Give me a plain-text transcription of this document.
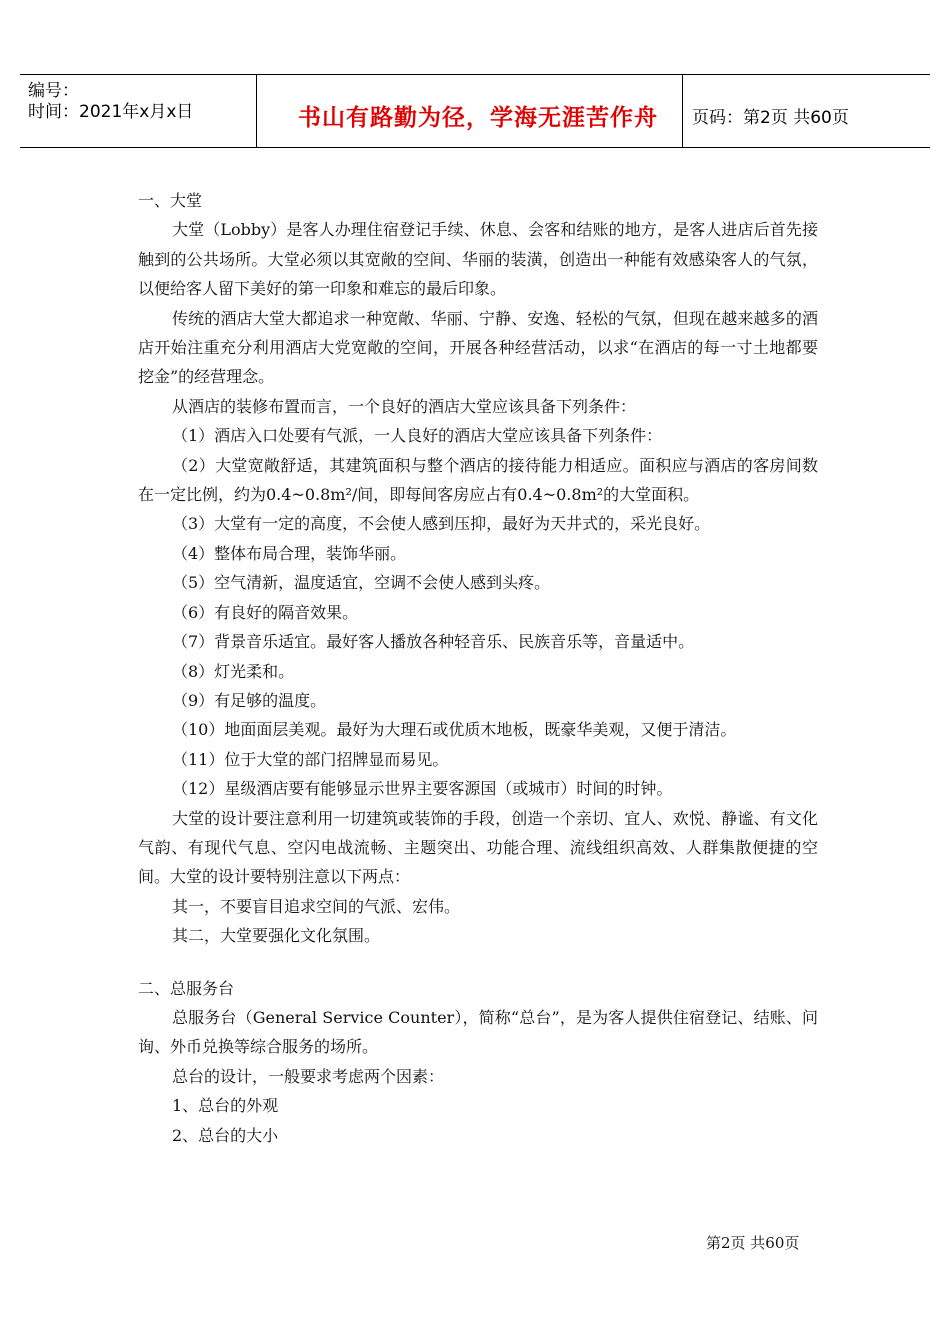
编号：
时间：2021年x月x日	书山有路勤为径，学海无涯苦作舟	页码：第2页 共60页

一、大堂

大堂（Lobby）是客人办理住宿登记手续、休息、会客和结账的地方，是客人进店后首先接触到的公共场所。大堂必须以其宽敞的空间、华丽的装潢，创造出一种能有效感染客人的气氛，以便给客人留下美好的第一印象和难忘的最后印象。

传统的酒店大堂大都追求一种宽敞、华丽、宁静、安逸、轻松的气氛，但现在越来越多的酒店开始注重充分利用酒店大党宽敞的空间，开展各种经营活动，以求“在酒店的每一寸土地都要挖金”的经营理念。

从酒店的装修布置而言，一个良好的酒店大堂应该具备下列条件：

（1）酒店入口处要有气派，一人良好的酒店大堂应该具备下列条件：

（2）大堂宽敞舒适，其建筑面积与整个酒店的接待能力相适应。面积应与酒店的客房间数在一定比例，约为0.4~0.8m²/间，即每间客房应占有0.4~0.8m²的大堂面积。

（3）大堂有一定的高度，不会使人感到压抑，最好为天井式的，采光良好。

（4）整体布局合理，装饰华丽。

（5）空气清新，温度适宜，空调不会使人感到头疼。

（6）有良好的隔音效果。

（7）背景音乐适宜。最好客人播放各种轻音乐、民族音乐等，音量适中。

（8）灯光柔和。

（9）有足够的温度。

（10）地面面层美观。最好为大理石或优质木地板，既豪华美观，又便于清洁。

（11）位于大堂的部门招牌显而易见。

（12）星级酒店要有能够显示世界主要客源国（或城市）时间的时钟。

大堂的设计要注意利用一切建筑或装饰的手段，创造一个亲切、宜人、欢悦、静谧、有文化气韵、有现代气息、空闪电战流畅、主题突出、功能合理、流线组织高效、人群集散便捷的空间。大堂的设计要特别注意以下两点：

其一，不要盲目追求空间的气派、宏伟。

其二，大堂要强化文化氛围。

二、总服务台

总服务台（General Service Counter），简称“总台”，是为客人提供住宿登记、结账、问询、外币兑换等综合服务的场所。

总台的设计，一般要求考虑两个因素：

1、总台的外观

2、总台的大小

第2页 共60页
